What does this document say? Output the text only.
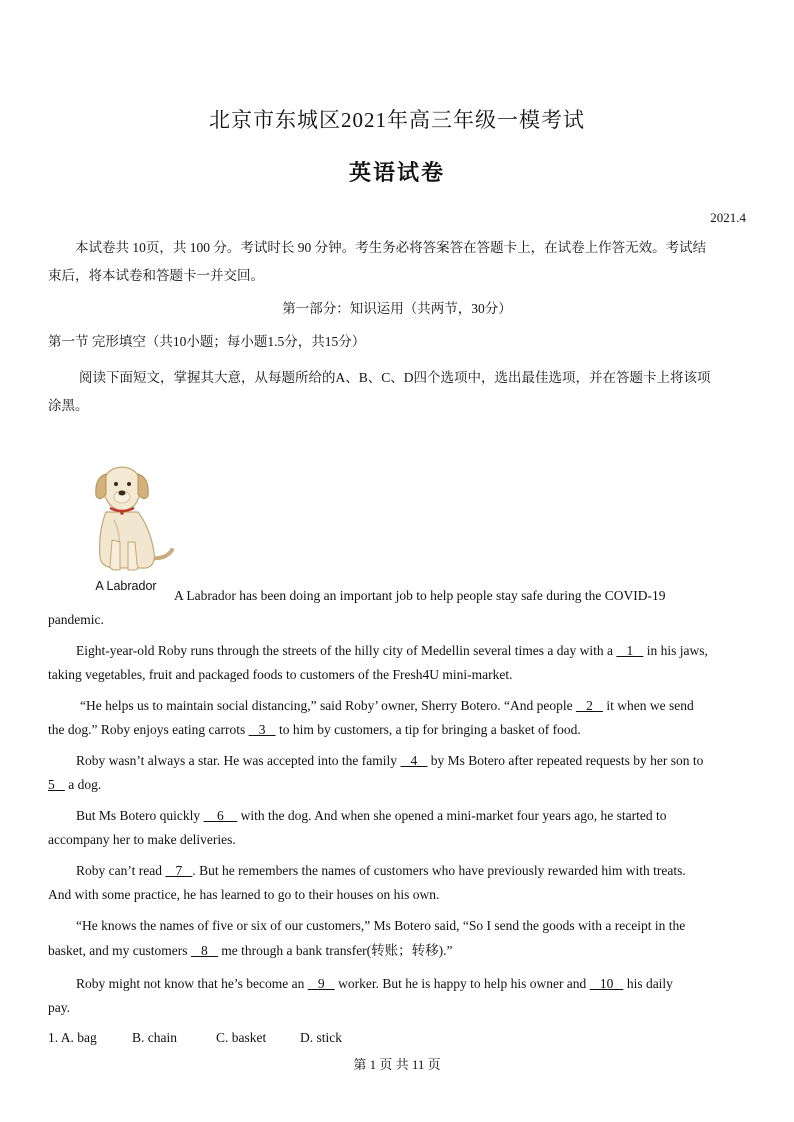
北京市东城区2021年高三年级一模考试
英语试卷
2021.4
本试卷共 10页，共 100 分。考试时长 90 分钟。考生务必将答案答在答题卡上，在试卷上作答无效。考试结
束后，将本试卷和答题卡一并交回。
第一部分：知识运用（共两节，30分）
第一节 完形填空（共10小题；每小题1.5分，共15分）
阅读下面短文，掌握其大意，从每题所给的A、B、C、D四个选项中，选出最佳选项，并在答题卡上将该项
涂黑。
A Labrador
A Labrador has been doing an important job to help people stay safe during the COVID-19
pandemic.
Eight-year-old Roby runs through the streets of the hilly city of Medellin several times a day with a    1    in his jaws,
taking vegetables, fruit and packaged foods to customers of the Fresh4U mini-market.
“He helps us to maintain social distancing,” said Roby’ owner, Sherry Botero. “And people    2    it when we send
the dog.” Roby enjoys eating carrots    3    to him by customers, a tip for bringing a basket of food.
Roby wasn’t always a star. He was accepted into the family    4    by Ms Botero after repeated requests by her son to
5    a dog.
But Ms Botero quickly     6     with the dog. And when she opened a mini-market four years ago, he started to
accompany her to make deliveries.
Roby can’t read    7   . But he remembers the names of customers who have previously rewarded him with treats.
And with some practice, he has learned to go to their houses on his own.
“He knows the names of five or six of our customers,” Ms Botero said, “So I send the goods with a receipt in the
basket, and my customers    8    me through a bank transfer(转账；转移).”
Roby might not know that he’s become an    9    worker. But he is happy to help his owner and    10    his daily
pay.
1. A. bag	B. chain	C. basket	D. stick
第 1 页 共 11 页
